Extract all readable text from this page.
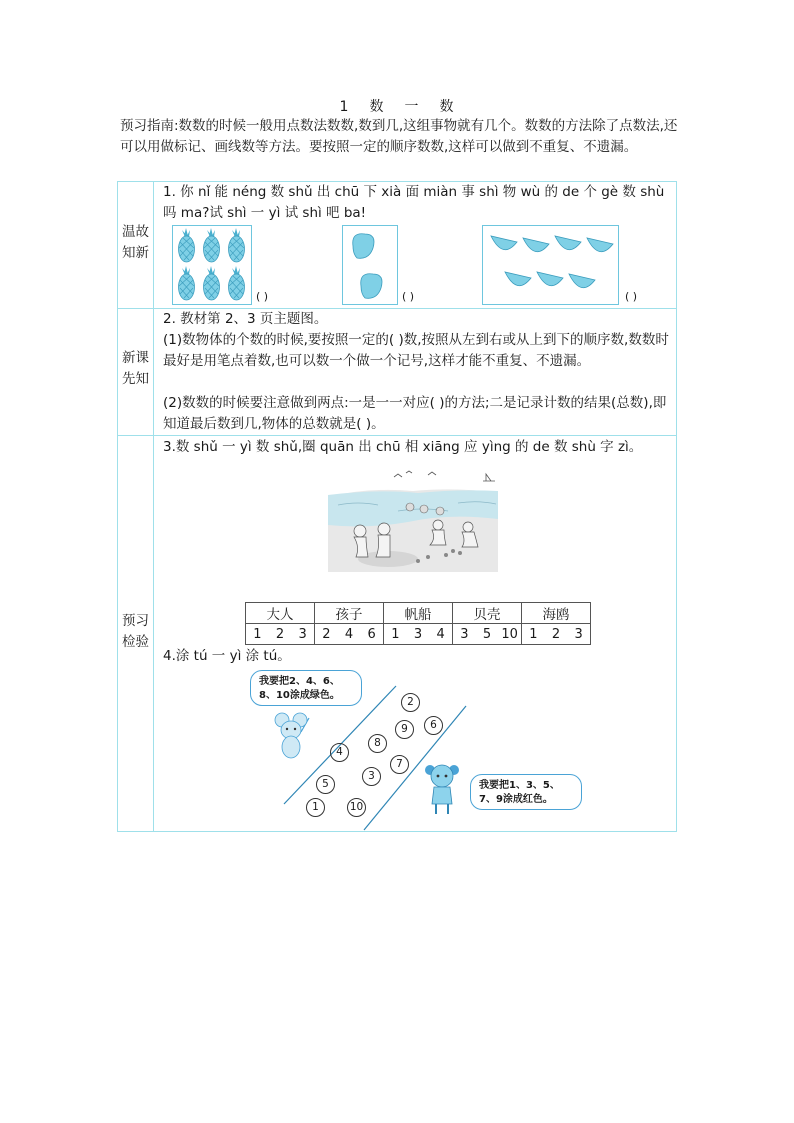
1 数 一 数
预习指南:数数的时候一般用点数法数数,数到几,这组事物就有几个。数数的方法除了点数法,还可以用做标记、画线数等方法。要按照一定的顺序数数,这样可以做到不重复、不遗漏。
温故
知新
1. 你 nǐ 能 néng 数 shǔ 出 chū 下 xià 面 miàn 事 shì 物 wù 的 de 个 gè 数 shù 吗 ma?试 shì 一 yì 试 shì 吧 ba!
( )	( )	( )
新课
先知
2. 教材第 2、3 页主题图。
(1)数物体的个数的时候,要按照一定的( )数,按照从左到右或从上到下的顺序数,数数时最好是用笔点着数,也可以数一个做一个记号,这样才能不重复、不遗漏。
(2)数数的时候要注意做到两点:一是一一对应( )的方法;二是记录计数的结果(总数),即知道最后数到几,物体的总数就是( )。
预习
检验
3.数 shǔ 一 yì 数 shǔ,圈 quān 出 chū 相 xiāng 应 yìng 的 de 数 shù 字 zì。
大人			孩子			帆船			贝壳			海鸥		
1	2	3	2	4	6	1	3	4	3	5	10	1	2	3
4.涂 tú 一 yì 涂 tú。
我要把2、4、6、8、10涂成绿色。
我要把1、3、5、7、9涂成红色。
2
9	6
8
4
7
3
5
1	10
